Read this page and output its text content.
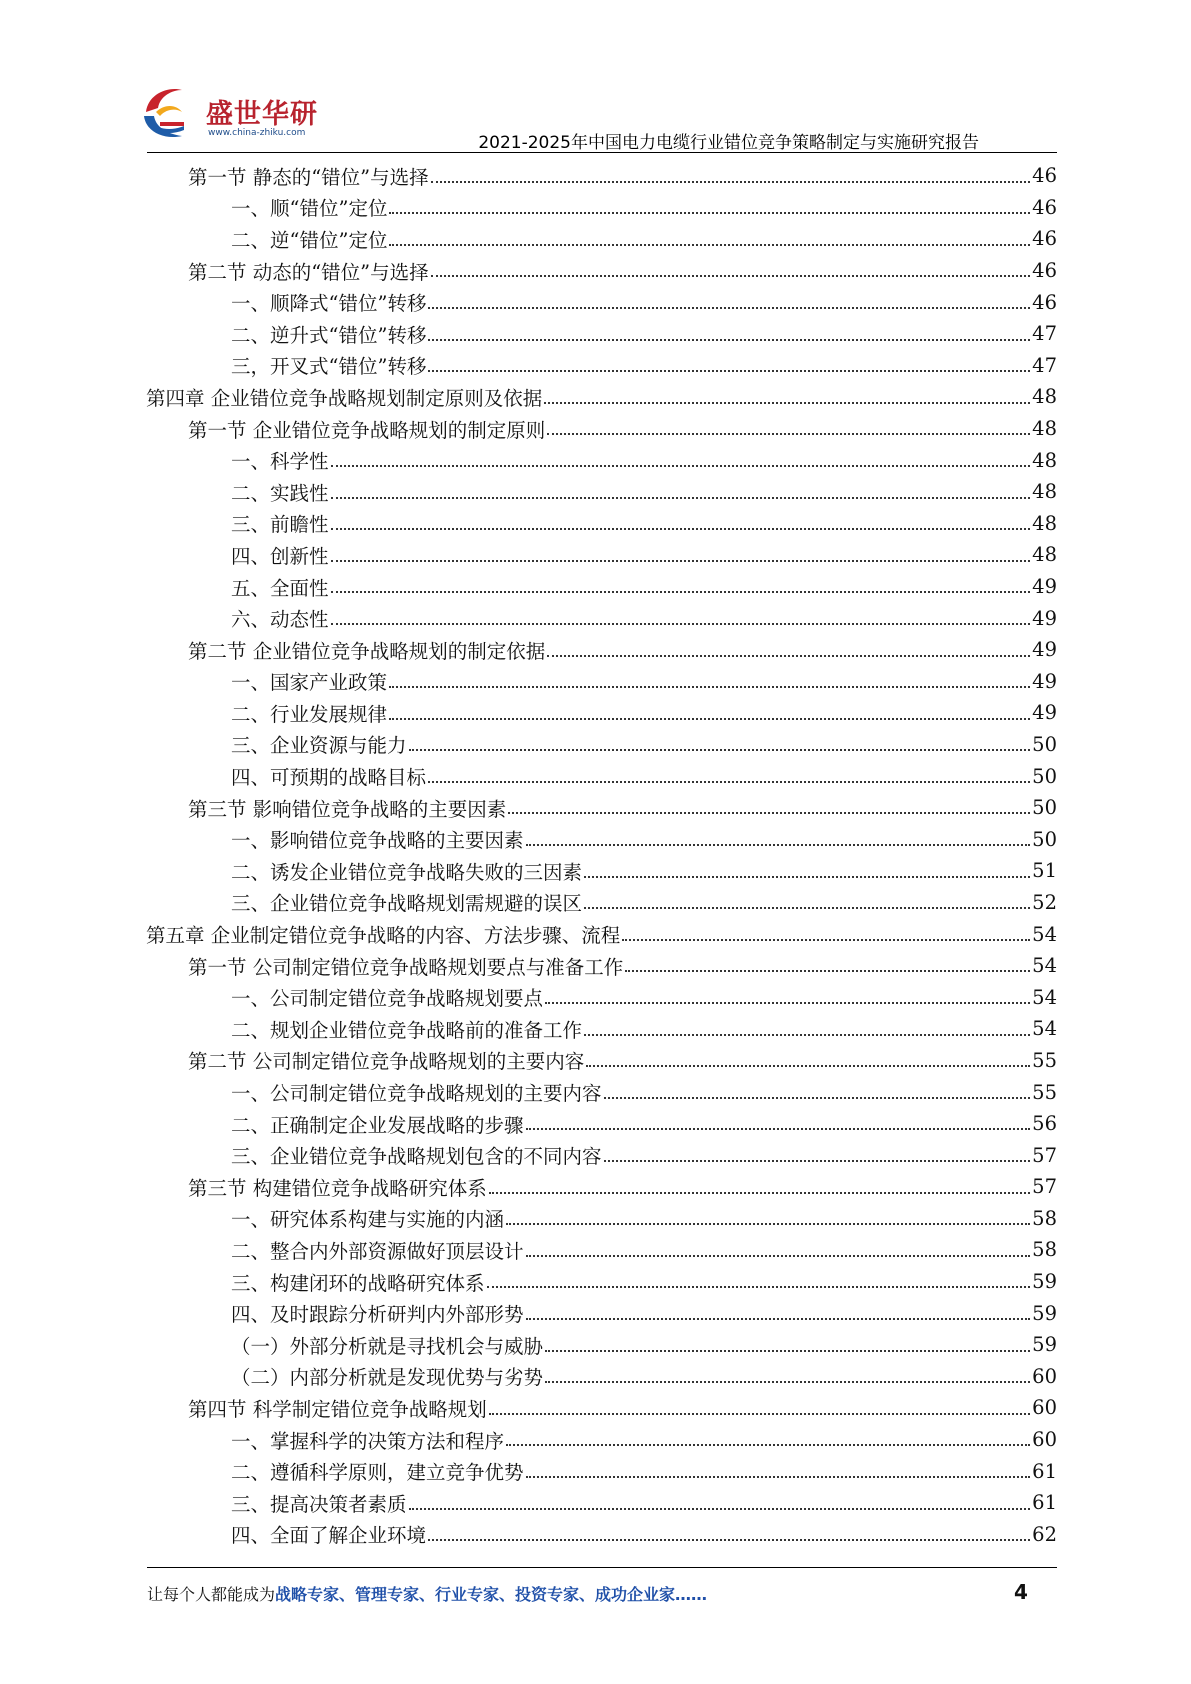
盛世华研
www.china-zhiku.com	2021-2025年中国电力电缆行业错位竞争策略制定与实施研究报告
第一节 静态的“错位”与选择	46
一、顺“错位”定位	46
二、逆“错位”定位	46
第二节 动态的“错位”与选择	46
一、顺降式“错位”转移	46
二、逆升式“错位”转移	47
三，开叉式“错位”转移	47
第四章 企业错位竞争战略规划制定原则及依据	48
第一节 企业错位竞争战略规划的制定原则	48
一、科学性	48
二、实践性	48
三、前瞻性	48
四、创新性	48
五、全面性	49
六、动态性	49
第二节 企业错位竞争战略规划的制定依据	49
一、国家产业政策	49
二、行业发展规律	49
三、企业资源与能力	50
四、可预期的战略目标	50
第三节 影响错位竞争战略的主要因素	50
一、影响错位竞争战略的主要因素	50
二、诱发企业错位竞争战略失败的三因素	51
三、企业错位竞争战略规划需规避的误区	52
第五章 企业制定错位竞争战略的内容、方法步骤、流程	54
第一节 公司制定错位竞争战略规划要点与准备工作	54
一、公司制定错位竞争战略规划要点	54
二、规划企业错位竞争战略前的准备工作	54
第二节 公司制定错位竞争战略规划的主要内容	55
一、公司制定错位竞争战略规划的主要内容	55
二、正确制定企业发展战略的步骤	56
三、企业错位竞争战略规划包含的不同内容	57
第三节 构建错位竞争战略研究体系	57
一、研究体系构建与实施的内涵	58
二、整合内外部资源做好顶层设计	58
三、构建闭环的战略研究体系	59
四、及时跟踪分析研判内外部形势	59
（一）外部分析就是寻找机会与威胁	59
（二）内部分析就是发现优势与劣势	60
第四节 科学制定错位竞争战略规划	60
一、掌握科学的决策方法和程序	60
二、遵循科学原则，建立竞争优势	61
三、提高决策者素质	61
四、全面了解企业环境	62
让每个人都能成为战略专家、管理专家、行业专家、投资专家、成功企业家……	4
